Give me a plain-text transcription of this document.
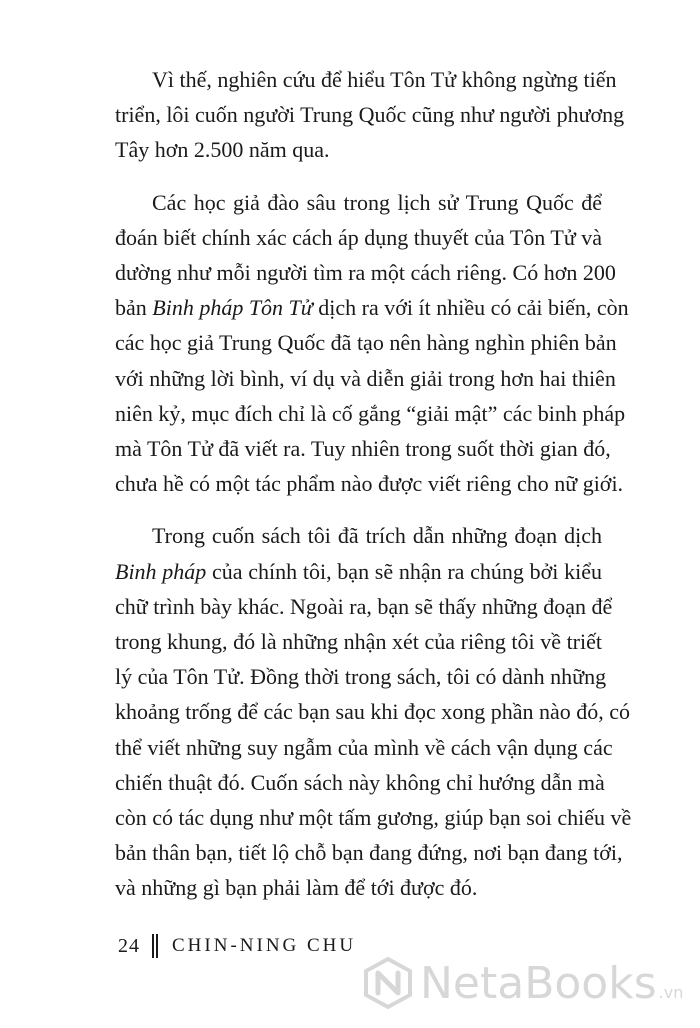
Vì thế, nghiên cứu để hiểu Tôn Tử không ngừng tiến
triển, lôi cuốn người Trung Quốc cũng như người phương
Tây hơn 2.500 năm qua.
Các học giả đào sâu trong lịch sử Trung Quốc để
đoán biết chính xác cách áp dụng thuyết của Tôn Tử và
dường như mỗi người tìm ra một cách riêng. Có hơn 200
bản Binh pháp Tôn Tử dịch ra với ít nhiều có cải biến, còn
các học giả Trung Quốc đã tạo nên hàng nghìn phiên bản
với những lời bình, ví dụ và diễn giải trong hơn hai thiên
niên kỷ, mục đích chỉ là cố gắng “giải mật” các binh pháp
mà Tôn Tử đã viết ra. Tuy nhiên trong suốt thời gian đó,
chưa hề có một tác phẩm nào được viết riêng cho nữ giới.
Trong cuốn sách tôi đã trích dẫn những đoạn dịch
Binh pháp của chính tôi, bạn sẽ nhận ra chúng bởi kiểu
chữ trình bày khác. Ngoài ra, bạn sẽ thấy những đoạn để
trong khung, đó là những nhận xét của riêng tôi về triết
lý của Tôn Tử. Đồng thời trong sách, tôi có dành những
khoảng trống để các bạn sau khi đọc xong phần nào đó, có
thể viết những suy ngẫm của mình về cách vận dụng các
chiến thuật đó. Cuốn sách này không chỉ hướng dẫn mà
còn có tác dụng như một tấm gương, giúp bạn soi chiếu về
bản thân bạn, tiết lộ chỗ bạn đang đứng, nơi bạn đang tới,
và những gì bạn phải làm để tới được đó.
24 CHIN-NING CHU
NetaBooks .vn
